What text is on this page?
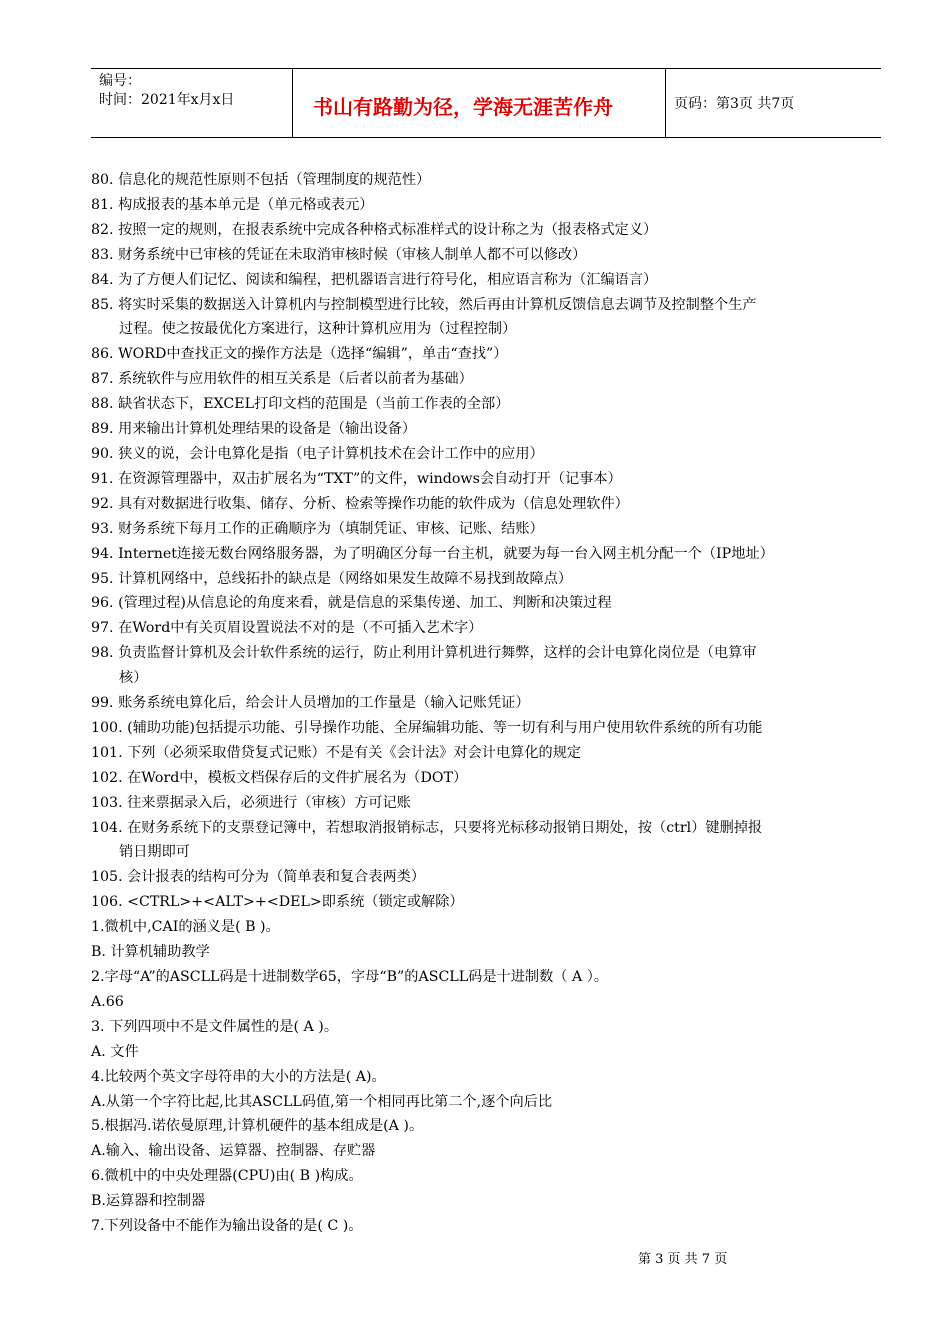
编号：
时间：2021年x月x日	书山有路勤为径，学海无涯苦作舟	页码：第3页 共7页
80. 信息化的规范性原则不包括（管理制度的规范性）
81. 构成报表的基本单元是（单元格或表元）
82. 按照一定的规则，在报表系统中完成各种格式标准样式的设计称之为（报表格式定义）
83. 财务系统中已审核的凭证在未取消审核时候（审核人制单人都不可以修改）
84. 为了方便人们记忆、阅读和编程，把机器语言进行符号化，相应语言称为（汇编语言）
85. 将实时采集的数据送入计算机内与控制模型进行比较，然后再由计算机反馈信息去调节及控制整个生产
过程。使之按最优化方案进行，这种计算机应用为（过程控制）
86. WORD中查找正文的操作方法是（选择“编辑”，单击“查找”）
87. 系统软件与应用软件的相互关系是（后者以前者为基础）
88. 缺省状态下，EXCEL打印文档的范围是（当前工作表的全部）
89. 用来输出计算机处理结果的设备是（输出设备）
90. 狭义的说，会计电算化是指（电子计算机技术在会计工作中的应用）
91. 在资源管理器中，双击扩展名为“TXT”的文件，windows会自动打开（记事本）
92. 具有对数据进行收集、储存、分析、检索等操作功能的软件成为（信息处理软件）
93. 财务系统下每月工作的正确顺序为（填制凭证、审核、记账、结账）
94. Internet连接无数台网络服务器，为了明确区分每一台主机，就要为每一台入网主机分配一个（IP地址）
95. 计算机网络中，总线拓扑的缺点是（网络如果发生故障不易找到故障点）
96. (管理过程)从信息论的角度来看，就是信息的采集传递、加工、判断和决策过程
97. 在Word中有关页眉设置说法不对的是（不可插入艺术字）
98. 负责监督计算机及会计软件系统的运行，防止利用计算机进行舞弊，这样的会计电算化岗位是（电算审
核）
99. 账务系统电算化后，给会计人员增加的工作量是（输入记账凭证）
100. (辅助功能)包括提示功能、引导操作功能、全屏编辑功能、等一切有利与用户使用软件系统的所有功能
101. 下列（必须采取借贷复式记账）不是有关《会计法》对会计电算化的规定
102. 在Word中，模板文档保存后的文件扩展名为（DOT）
103. 往来票据录入后，必须进行（审核）方可记账
104. 在财务系统下的支票登记簿中，若想取消报销标志，只要将光标移动报销日期处，按（ctrl）键删掉报
销日期即可
105. 会计报表的结构可分为（简单表和复合表两类）
106. <CTRL>+<ALT>+<DEL>即系统（锁定或解除）
1.微机中,CAI的涵义是( B )。
B. 计算机辅助教学
2.字母“A”的ASCLL码是十进制数学65，字母“B”的ASCLL码是十进制数（ A ）。
A.66
3. 下列四项中不是文件属性的是( A )。
A. 文件
4.比较两个英文字母符串的大小的方法是( A)。
A.从第一个字符比起,比其ASCLL码值,第一个相同再比第二个,逐个向后比
5.根据冯.诺依曼原理,计算机硬件的基本组成是(A )。
A.输入、输出设备、运算器、控制器、存贮器
6.微机中的中央处理器(CPU)由( B )构成。
B.运算器和控制器
7.下列设备中不能作为输出设备的是( C )。
第 3 页 共 7 页
